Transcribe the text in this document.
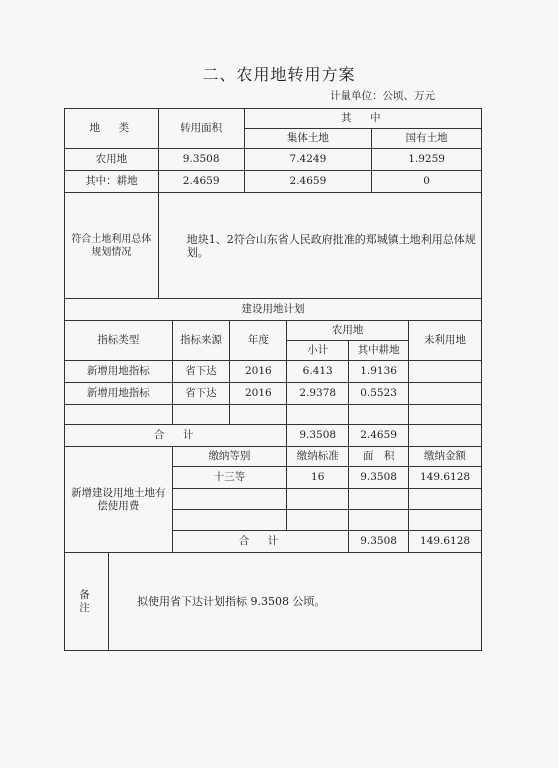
二、农用地转用方案
计量单位：公顷、万元
地　类	转用面积	其　中	
		集体土地	国有土地
农用地	9.3508	7.4249	1.9259
其中：耕地	2.4659	2.4659	0
符合土地利用总体规划情况	地块1、2符合山东省人民政府批准的郑城镇土地利用总体规划。		
建设用地计划					
指标类型	指标来源	年度	农用地		未利用地
			小计	其中耕地	
新增用地指标	省下达	2016	6.413	1.9136	
新增用地指标	省下达	2016	2.9378	0.5523	

合　计			9.3508	2.4659	
新增建设用地土地有偿使用费	缴纳等别		缴纳标准	面　积	缴纳金额
	十三等		16	9.3508	149.6128

	合　计			9.3508	149.6128
备　注	拟使用省下达计划指标 9.3508 公顷。
